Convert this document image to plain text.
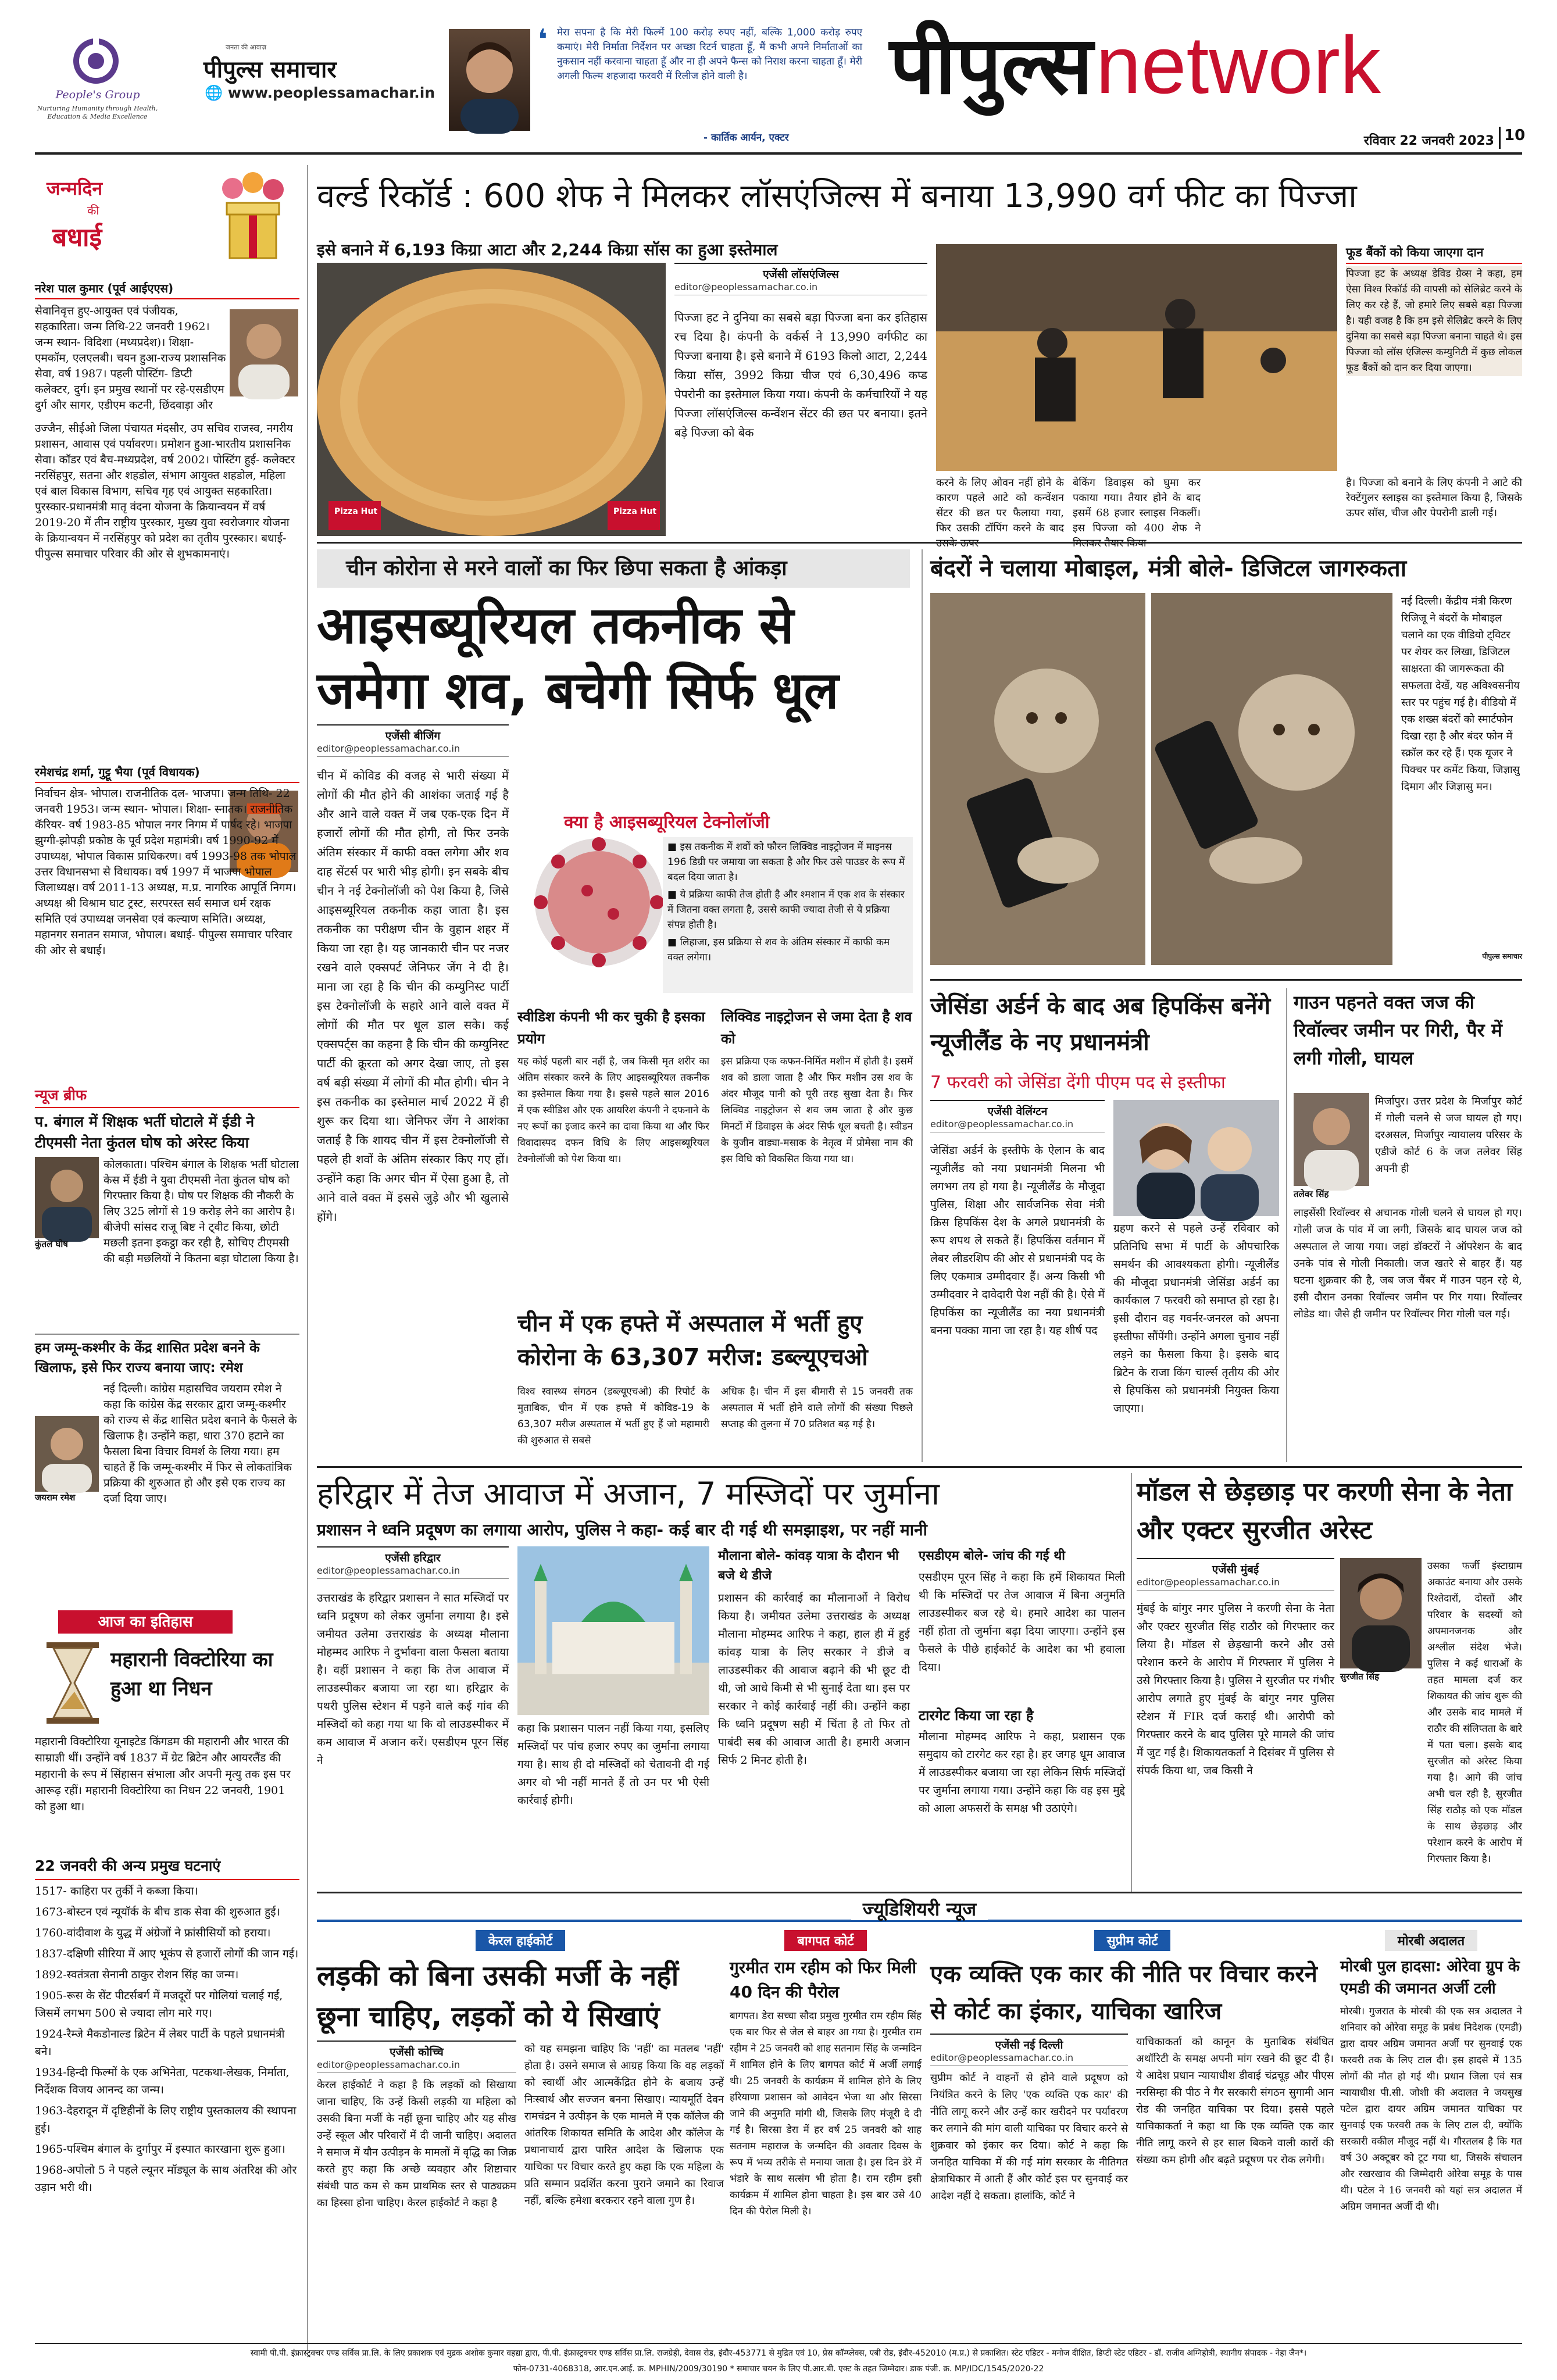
People's Group
Nurturing Humanity through Health, Education & Media Excellence
जनता की आवाज़
पीपुल्स समाचार
🌐 www.peoplessamachar.in
❛ मेरा सपना है कि मेरी फिल्में 100 करोड़ रुपए नहीं, बल्कि 1,000 करोड़ रुपए कमाएं। मेरी निर्माता निर्देशन पर अच्छा रिटर्न चाहता हूँ, मैं कभी अपने निर्माताओं का नुकसान नहीं करवाना चाहता हूँ और ना ही अपने फैन्स को निराश करना चाहता हूँ। मेरी अगली फिल्म शहजादा फरवरी में रिलीज होने वाली है।
- कार्तिक आर्यन, एक्टर
पीपुल्स network
रविवार 22 जनवरी 2023 10
जन्मदिन
की
बधाई
नरेश पाल कुमार (पूर्व आईएएस)
सेवानिवृत्त हुए-आयुक्त एवं पंजीयक, सहकारिता। जन्म तिथि-22 जनवरी 1962। जन्म स्थान- विदिशा (मध्यप्रदेश)। शिक्षा- एमकॉम, एलएलबी। चयन हुआ-राज्य प्रशासनिक सेवा, वर्ष 1987। पहली पोस्टिंग- डिप्टी कलेक्टर, दुर्ग। इन प्रमुख स्थानों पर रहे-एसडीएम दुर्ग और सागर, एडीएम कटनी, छिंदवाड़ा और
उज्जैन, सीईओ जिला पंचायत मंदसौर, उप सचिव राजस्व, नगरीय प्रशासन, आवास एवं पर्यावरण। प्रमोशन हुआ-भारतीय प्रशासनिक सेवा। कॉडर एवं बैच-मध्यप्रदेश, वर्ष 2002। पोस्टिंग हुई- कलेक्टर नरसिंहपुर, सतना और शहडोल, संभाग आयुक्त शहडोल, महिला एवं बाल विकास विभाग, सचिव गृह एवं आयुक्त सहकारिता। पुरस्कार-प्रधानमंत्री मातृ वंदना योजना के क्रियान्वयन में वर्ष 2019-20 में तीन राष्ट्रीय पुरस्कार, मुख्य युवा स्वरोजगार योजना के क्रियान्वयन में नरसिंहपुर को प्रदेश का तृतीय पुरस्कार। बधाई-पीपुल्स समाचार परिवार की ओर से शुभकामनाएं।
रमेशचंद्र शर्मा, गुट्टू भैया (पूर्व विधायक)
निर्वाचन क्षेत्र- भोपाल। राजनीतिक दल- भाजपा। जन्म तिथि- 22 जनवरी 1953। जन्म स्थान- भोपाल। शिक्षा- स्नातक। राजनीतिक कॅरियर- वर्ष 1983-85 भोपाल नगर निगम में पार्षद रहे। भाजपा झुग्गी-झोपड़ी प्रकोष्ठ के पूर्व प्रदेश महामंत्री। वर्ष 1990-92 में उपाध्यक्ष, भोपाल विकास प्राधिकरण। वर्ष 1993-98 तक भोपाल उत्तर विधानसभा से विधायक। वर्ष 1997 में भाजपा भोपाल जिलाध्यक्ष। वर्ष 2011-13 अध्यक्ष, म.प्र. नागरिक आपूर्ति निगम। अध्यक्ष श्री विश्राम घाट ट्रस्ट, सरपरस्त सर्व समाज धर्म रक्षक समिति एवं उपाध्यक्ष जनसेवा एवं कल्याण समिति। अध्यक्ष, महानगर सनातन समाज, भोपाल। बधाई- पीपुल्स समाचार परिवार की ओर से बधाई।
न्यूज ब्रीफ
प. बंगाल में शिक्षक भर्ती घोटाले में ईडी ने टीएमसी नेता कुंतल घोष को अरेस्ट किया
कुंतल घोष
कोलकाता। पश्चिम बंगाल के शिक्षक भर्ती घोटाला केस में ईडी ने युवा टीएमसी नेता कुंतल घोष को गिरफ्तार किया है। घोष पर शिक्षक की नौकरी के लिए 325 लोगों से 19 करोड़ लेने का आरोप है। बीजेपी सांसद राजू बिष्ट ने ट्वीट किया, छोटी मछली इतना इकट्ठा कर रही है, सोचिए टीएमसी की बड़ी मछलियों ने कितना बड़ा घोटाला किया है।
हम जम्मू-कश्मीर के केंद्र शासित प्रदेश बनने के खिलाफ, इसे फिर राज्य बनाया जाए: रमेश
जयराम रमेश
नई दिल्ली। कांग्रेस महासचिव जयराम रमेश ने कहा कि कांग्रेस केंद्र सरकार द्वारा जम्मू-कश्मीर को राज्य से केंद्र शासित प्रदेश बनाने के फैसले के खिलाफ है। उन्होंने कहा, धारा 370 हटाने का फैसला बिना विचार विमर्श के लिया गया। हम चाहते हैं कि जम्मू-कश्मीर में फिर से लोकतांत्रिक प्रक्रिया की शुरुआत हो और इसे एक राज्य का दर्जा दिया जाए।
आज का इतिहास
महारानी विक्टोरिया का हुआ था निधन
महारानी विक्टोरिया यूनाइटेड किंगडम की महारानी और भारत की साम्राज्ञी थीं। उन्होंने वर्ष 1837 में ग्रेट ब्रिटेन और आयरलैंड की महारानी के रूप में सिंहासन संभाला और अपनी मृत्यु तक इस पर आरूढ़ रहीं। महारानी विक्टोरिया का निधन 22 जनवरी, 1901 को हुआ था।
22 जनवरी की अन्य प्रमुख घटनाएं
1517- काहिरा पर तुर्की ने कब्जा किया।
1673-बोस्टन एवं न्यूयॉर्क के बीच डाक सेवा की शुरुआत हुई।
1760-वांदीवाश के युद्ध में अंग्रेजों ने फ्रांसीसियों को हराया।
1837-दक्षिणी सीरिया में आए भूकंप से हजारों लोगों की जान गई।
1892-स्वतंत्रता सेनानी ठाकुर रोशन सिंह का जन्म।
1905-रूस के सेंट पीटर्सबर्ग में मजदूरों पर गोलियां चलाई गईं, जिसमें लगभग 500 से ज्यादा लोग मारे गए।
1924-रैम्जे मैकडोनाल्ड ब्रिटेन में लेबर पार्टी के पहले प्रधानमंत्री बने।
1934-हिन्दी फिल्मों के एक अभिनेता, पटकथा-लेखक, निर्माता, निर्देशक विजय आनन्द का जन्म।
1963-देहरादून में दृष्टिहीनों के लिए राष्ट्रीय पुस्तकालय की स्थापना हुई।
1965-पश्चिम बंगाल के दुर्गापुर में इस्पात कारखाना शुरू हुआ।
1968-अपोलो 5 ने पहले ल्यूनर मॉड्यूल के साथ अंतरिक्ष की ओर उड़ान भरी थी।
वर्ल्ड रिकॉर्ड : 600 शेफ ने मिलकर लॉसएंजिल्स में बनाया 13,990 वर्ग फीट का पिज्जा
इसे बनाने में 6,193 किग्रा आटा और 2,244 किग्रा सॉस का हुआ इस्तेमाल
Pizza Hut	Pizza Hut
एजेंसी लॉसएंजिल्स
editor@peoplessamachar.co.in
पिज्जा हट ने दुनिया का सबसे बड़ा पिज्जा बना कर इतिहास रच दिया है। कंपनी के वर्कर्स ने 13,990 वर्गफीट का पिज्जा बनाया है। इसे बनाने में 6193 किलो आटा, 2,244 किग्रा सॉस, 3992 किग्रा चीज एवं 6,30,496 कप्ड पेपरोनी का इस्तेमाल किया गया। कंपनी के कर्मचारियों ने यह पिज्जा लॉसएंजिल्स कन्वेंशन सेंटर की छत पर बनाया। इतने बड़े पिज्जा को बेक
फूड बैंकों को किया जाएगा दान
पिज्जा हट के अध्यक्ष डेविड ग्रेव्स ने कहा, हम ऐसा विश्व रिकॉर्ड की वापसी को सेलिब्रेट करने के लिए कर रहे हैं, जो हमारे लिए सबसे बड़ा पिज्जा है। यही वजह है कि हम इसे सेलिब्रेट करने के लिए दुनिया का सबसे बड़ा पिज्जा बनाना चाहते थे। इस पिज्जा को लॉस एंजिल्स कम्युनिटी में कुछ लोकल फूड बैंकों को दान कर दिया जाएगा।
करने के लिए ओवन नहीं होने के कारण पहले आटे को कन्वेंशन सेंटर की छत पर फैलाया गया, फिर उसकी टॉपिंग करने के बाद
बेकिंग डिवाइस को घुमा कर पकाया गया। तैयार होने के बाद इसमें 68 हजार स्लाइस निकलीं। इस पिज्जा को 400 शेफ ने
है। पिज्जा को बनाने के लिए कंपनी ने आटे की रेक्टेंगुलर स्लाइस का इस्तेमाल किया है, जिसके ऊपर सॉस, चीज और पेपरोनी डाली गई।
चीन कोरोना से मरने वालों का फिर छिपा सकता है आंकड़ा
आइसब्यूरियल तकनीक से जमेगा शव, बचेगी सिर्फ धूल
एजेंसी बीजिंग
editor@peoplessamachar.co.in
चीन में कोविड की वजह से भारी संख्या में लोगों की मौत होने की आशंका जताई गई है और आने वाले वक्त में जब एक-एक दिन में हजारों लोगों की मौत होगी, तो फिर उनके अंतिम संस्कार में काफी वक्त लगेगा और शव दाह सेंटर्स पर भारी भीड़ होगी। इन सबके बीच चीन ने नई टेक्नोलॉजी को पेश किया है, जिसे आइसब्यूरियल तकनीक कहा जाता है। इस तकनीक का परीक्षण चीन के वुहान शहर में किया जा रहा है। यह जानकारी चीन पर नजर रखने वाले एक्सपर्ट जेनिफर जेंग ने दी है। माना जा रहा है कि चीन की कम्युनिस्ट पार्टी इस टेक्नोलॉजी के सहारे आने वाले वक्त में लोगों की मौत पर धूल डाल सके। कई एक्सपर्ट्स का कहना है कि चीन की कम्युनिस्ट पार्टी की क्रूरता को अगर देखा जाए, तो इस वर्ष बड़ी संख्या में लोगों की मौत होगी। चीन ने इस तकनीक का इस्तेमाल मार्च 2022 में ही शुरू कर दिया था। जेनिफर जेंग ने आशंका जताई है कि शायद चीन में इस टेक्नोलॉजी से पहले ही शवों के अंतिम संस्कार किए गए हों। उन्होंने कहा कि अगर चीन में ऐसा हुआ है, तो आने वाले वक्त में इससे जुड़े और भी खुलासे होंगे।
क्या है आइसब्यूरियल टेक्नोलॉजी
■ इस तकनीक में शवों को फौरन लिक्विड नाइट्रोजन में माइनस 196 डिग्री पर जमाया जा सकता है और फिर उसे पाउडर के रूप में बदल दिया जाता है।
■ ये प्रक्रिया काफी तेज होती है और श्मशान में एक शव के संस्कार में जितना वक्त लगता है, उससे काफी ज्यादा तेजी से ये प्रक्रिया संपन्न होती है।
■ लिहाजा, इस प्रक्रिया से शव के अंतिम संस्कार में काफी कम वक्त लगेगा।
स्वीडिश कंपनी भी कर चुकी है इसका प्रयोग
यह कोई पहली बार नहीं है, जब किसी मृत शरीर का अंतिम संस्कार करने के लिए आइसब्यूरियल तकनीक का इस्तेमाल किया गया है। इससे पहले साल 2016 में एक स्वीडिश और एक आयरिश कंपनी ने दफनाने के नए रूपों का इजाद करने का दावा किया था और फिर विवादास्पद दफन विधि के लिए आइसब्यूरियल टेक्नोलॉजी को पेश किया था।
लिक्विड नाइट्रोजन से जमा देता है शव को
इस प्रक्रिया एक कफन-निर्मित मशीन में होती है। इसमें शव को डाला जाता है और फिर मशीन उस शव के अंदर मौजूद पानी को पूरी तरह सुखा देता है। फिर लिक्विड नाइट्रोजन से शव जम जाता है और कुछ मिनटों में डिवाइस के अंदर सिर्फ धूल बचती है। स्वीडन के युजीन वाड्या-मसाक के नेतृत्व में प्रोमेसा नाम की इस विधि को विकसित किया गया था।
चीन में एक हफ्ते में अस्पताल में भर्ती हुए कोरोना के 63,307 मरीज: डब्ल्यूएचओ
विश्व स्वास्थ्य संगठन (डब्ल्यूएचओ) की रिपोर्ट के मुताबिक, चीन में एक हफ्ते में कोविड-19 के 63,307 मरीज अस्पताल में भर्ती हुए हैं जो महामारी की शुरुआत से सबसे
अधिक है। चीन में इस बीमारी से 15 जनवरी तक अस्पताल में भर्ती होने वाले लोगों की संख्या पिछले सप्ताह की तुलना में 70 प्रतिशत बढ़ गई है।
बंदरों ने चलाया मोबाइल, मंत्री बोले- डिजिटल जागरुकता
नई दिल्ली। केंद्रीय मंत्री किरण रिजिजू ने बंदरों के मोबाइल चलाने का एक वीडियो ट्विटर पर शेयर कर लिखा, डिजिटल साक्षरता की जागरूकता की सफलता देखें, यह अविश्वसनीय स्तर पर पहुंच गई है। वीडियो में एक शख्स बंदरों को स्मार्टफोन दिखा रहा है और बंदर फोन में स्क्रॉल कर रहे हैं। एक यूजर ने पिक्चर पर कमेंट किया, जिज्ञासु दिमाग और जिज्ञासु मन।
पीपुल्स समाचार
जेसिंडा अर्डर्न के बाद अब हिपकिंस बनेंगे न्यूजीलैंड के नए प्रधानमंत्री
7 फरवरी को जेसिंडा देंगी पीएम पद से इस्तीफा
एजेंसी वेलिंग्टन
editor@peoplessamachar.co.in
जेसिंडा अर्डर्न के इस्तीफे के ऐलान के बाद न्यूजीलैंड को नया प्रधानमंत्री मिलना भी लगभग तय हो गया है। न्यूजीलैंड के मौजूदा पुलिस, शिक्षा और सार्वजनिक सेवा मंत्री क्रिस हिपकिंस देश के अगले प्रधानमंत्री के रूप शपथ ले सकते हैं। हिपकिंस वर्तमान में लेबर लीडरशिप की ओर से प्रधानमंत्री पद के लिए एकमात्र उम्मीदवार हैं। अन्य किसी भी उम्मीदवार ने दावेदारी पेश नहीं की है। ऐसे में हिपकिंस का न्यूजीलैंड का नया प्रधानमंत्री बनना पक्का माना जा रहा है। यह शीर्ष पद
ग्रहण करने से पहले उन्हें रविवार को प्रतिनिधि सभा में पार्टी के औपचारिक समर्थन की आवश्यकता होगी। न्यूजीलैंड की मौजूदा प्रधानमंत्री जेसिंडा अर्डर्न का कार्यकाल 7 फरवरी को समाप्त हो रहा है। इसी दौरान वह गवर्नर-जनरल को अपना इस्तीफा सौंपेंगी। उन्होंने अगला चुनाव नहीं लड़ने का फैसला किया है। इसके बाद ब्रिटेन के राजा किंग चार्ल्स तृतीय की ओर से हिपकिंस को प्रधानमंत्री नियुक्त किया जाएगा।
गाउन पहनते वक्त जज की रिवॉल्वर जमीन पर गिरी, पैर में लगी गोली, घायल
तलेवर सिंह
मिर्जापुर। उत्तर प्रदेश के मिर्जापुर कोर्ट में गोली चलने से जज घायल हो गए। दरअसल, मिर्जापुर न्यायालय परिसर के एडीजे कोर्ट 6 के जज तलेवर सिंह अपनी ही
लाइसेंसी रिवॉल्वर से अचानक गोली चलने से घायल हो गए। गोली जज के पांव में जा लगी, जिसके बाद घायल जज को अस्पताल ले जाया गया। जहां डॉक्टरों ने ऑपरेशन के बाद उनके पांव से गोली निकाली। जज खतरे से बाहर हैं। यह घटना शुक्रवार की है, जब जज चैंबर में गाउन पहन रहे थे, इसी दौरान उनका रिवॉल्वर जमीन पर गिर गया। रिवॉल्वर लोडेड था। जैसे ही जमीन पर रिवॉल्वर गिरा गोली चल गई।
हरिद्वार में तेज आवाज में अजान, 7 मस्जिदों पर जुर्माना
प्रशासन ने ध्वनि प्रदूषण का लगाया आरोप, पुलिस ने कहा- कई बार दी गई थी समझाइश, पर नहीं मानी
एजेंसी हरिद्वार
editor@peoplessamachar.co.in
उत्तराखंड के हरिद्वार प्रशासन ने सात मस्जिदों पर ध्वनि प्रदूषण को लेकर जुर्माना लगाया है। इसे जमीयत उलेमा उत्तराखंड के अध्यक्ष मौलाना मोहम्मद आरिफ ने दुर्भावना वाला फैसला बताया है। वहीं प्रशासन ने कहा कि तेज आवाज में लाउडस्पीकर बजाया जा रहा था। हरिद्वार के पथरी पुलिस स्टेशन में पड़ने वाले कई गांव की मस्जिदों को कहा गया था कि वो लाउडस्पीकर में कम आवाज में अजान करें। एसडीएम पूरन सिंह ने
कहा कि प्रशासन पालन नहीं किया गया, इसलिए मस्जिदों पर पांच हजार रुपए का जुर्माना लगाया गया है। साथ ही दो मस्जिदों को चेतावनी दी गई अगर वो भी नहीं मानते हैं तो उन पर भी ऐसी कार्रवाई होगी।
मौलाना बोले- कांवड़ यात्रा के दौरान भी बजे थे डीजे
प्रशासन की कार्रवाई का मौलानाओं ने विरोध किया है। जमीयत उलेमा उत्तराखंड के अध्यक्ष मौलाना मोहम्मद आरिफ ने कहा, हाल ही में हुई कांवड़ यात्रा के लिए सरकार ने डीजे व लाउडस्पीकर की आवाज बढ़ाने की भी छूट दी थी, जो आधे किमी से भी सुनाई देता था। इस पर सरकार ने कोई कार्रवाई नहीं की। उन्होंने कहा कि ध्वनि प्रदूषण सही में चिंता है तो फिर तो पाबंदी सब की आवाज आती है। हमारी अजान सिर्फ 2 मिनट होती है।
एसडीएम बोले- जांच की गई थी
एसडीएम पूरन सिंह ने कहा कि हमें शिकायत मिली थी कि मस्जिदों पर तेज आवाज में बिना अनुमति लाउडस्पीकर बज रहे थे। हमारे आदेश का पालन नहीं होता तो जुर्माना बढ़ा दिया जाएगा। उन्होंने इस फैसले के पीछे हाईकोर्ट के आदेश का भी हवाला दिया।
टारगेट किया जा रहा है
मौलाना मोहम्मद आरिफ ने कहा, प्रशासन एक समुदाय को टारगेट कर रहा है। हर जगह धूम आवाज में लाउडस्पीकर बजाया जा रहा लेकिन सिर्फ मस्जिदों पर जुर्माना लगाया गया। उन्होंने कहा कि वह इस मुद्दे को आला अफसरों के समक्ष भी उठाएंगे।
मॉडल से छेड़छाड़ पर करणी सेना के नेता और एक्टर सुरजीत अरेस्ट
एजेंसी मुंबई
editor@peoplessamachar.co.in
मुंबई के बांगुर नगर पुलिस ने करणी सेना के नेता और एक्टर सुरजीत सिंह राठौर को गिरफ्तार कर लिया है। मॉडल से छेड़खानी करने और उसे परेशान करने के आरोप में गिरफ्तार में पुलिस ने उसे गिरफ्तार किया है। पुलिस ने सुरजीत पर गंभीर आरोप लगाते हुए मुंबई के बांगुर नगर पुलिस स्टेशन में FIR दर्ज कराई थी। आरोपी को गिरफ्तार करने के बाद पुलिस पूरे मामले की जांच में जुट गई है। शिकायतकर्ता ने दिसंबर में पुलिस से संपर्क किया था, जब किसी ने
सुरजीत सिंह
उसका फर्जी इंस्टाग्राम अकाउंट बनाया और उसके रिश्तेदारों, दोस्तों और परिवार के सदस्यों को अपमानजनक और अश्लील संदेश भेजे। पुलिस ने कई धाराओं के तहत मामला दर्ज कर शिकायत की जांच शुरू की और उसके बाद मामले में राठौर की संलिप्तता के बारे में पता चला। इसके बाद सुरजीत को अरेस्ट किया गया है। आगे की जांच अभी चल रही है, सुरजीत सिंह राठौड़ को एक मॉडल के साथ छेड़छाड़ और परेशान करने के आरोप में गिरफ्तार किया है।
ज्यूडिशियरी न्यूज
केरल हाईकोर्ट
लड़की को बिना उसकी मर्जी के नहीं छूना चाहिए, लड़कों को ये सिखाएं
एजेंसी कोच्चि
editor@peoplessamachar.co.in
केरल हाईकोर्ट ने कहा है कि लड़कों को सिखाया जाना चाहिए, कि उन्हें किसी लड़की या महिला को उसकी बिना मर्जी के नहीं छूना चाहिए और यह सीख उन्हें स्कूल और परिवारों में दी जानी चाहिए। अदालत ने समाज में यौन उत्पीड़न के मामलों में वृद्धि का जिक्र करते हुए कहा कि अच्छे व्यवहार और शिष्टाचार संबंधी पाठ कम से कम प्राथमिक स्तर से पाठ्यक्रम का हिस्सा होना चाहिए। केरल हाईकोर्ट ने कहा है
को यह समझना चाहिए कि 'नहीं' का मतलब 'नहीं' होता है। उसने समाज से आग्रह किया कि वह लड़कों को स्वार्थी और आत्मकेंद्रित होने के बजाय उन्हें निःस्वार्थ और सज्जन बनना सिखाए। न्यायमूर्ति देवन रामचंद्रन ने उत्पीड़न के एक मामले में एक कॉलेज की आंतरिक शिकायत समिति के आदेश और कॉलेज के प्रधानाचार्य द्वारा पारित आदेश के खिलाफ एक याचिका पर विचार करते हुए कहा कि एक महिला के प्रति सम्मान प्रदर्शित करना पुराने जमाने का रिवाज नहीं, बल्कि हमेशा बरकरार रहने वाला गुण है।
बागपत कोर्ट
गुरमीत राम रहीम को फिर मिली 40 दिन की पैरोल
बागपत। डेरा सच्चा सौदा प्रमुख गुरमीत राम रहीम सिंह एक बार फिर से जेल से बाहर आ गया है। गुरमीत राम रहीम ने 25 जनवरी को शाह सतनाम सिंह के जन्मदिन में शामिल होने के लिए बागपत कोर्ट में अर्जी लगाई थी। 25 जनवरी के कार्यक्रम में शामिल होने के लिए हरियाणा प्रशासन को आवेदन भेजा था और सिरसा जाने की अनुमति मांगी थी, जिसके लिए मंजूरी दे दी गई है। सिरसा डेरा में हर वर्ष 25 जनवरी को शाह सतनाम महाराज के जन्मदिन की अवतार दिवस के रूप में भव्य तरीके से मनाया जाता है। इस दिन डेरे में भंडारे के साथ सत्संग भी होता है। राम रहीम इसी कार्यक्रम में शामिल होना चाहता है। इस बार उसे 40 दिन की पैरोल मिली है।
सुप्रीम कोर्ट
एक व्यक्ति एक कार की नीति पर विचार करने से कोर्ट का इंकार, याचिका खारिज
एजेंसी नई दिल्ली
editor@peoplessamachar.co.in
सुप्रीम कोर्ट ने वाहनों से होने वाले प्रदूषण को नियंत्रित करने के लिए 'एक व्यक्ति एक कार' की नीति लागू करने और उन्हें कार खरीदने पर पर्यावरण कर लगाने की मांग वाली याचिका पर विचार करने से शुक्रवार को इंकार कर दिया। कोर्ट ने कहा कि जनहित याचिका में की गई मांग सरकार के नीतिगत क्षेत्राधिकार में आती हैं और कोर्ट इस पर सुनवाई कर आदेश नहीं दे सकता। हालांकि, कोर्ट ने
याचिकाकर्ता को कानून के मुताबिक संबंधित अथॉरिटी के समक्ष अपनी मांग रखने की छूट दी है। ये आदेश प्रधान न्यायाधीश डीवाई चंद्रचूड़ और पीएस नरसिम्हा की पीठ ने गैर सरकारी संगठन सुगामी आन रोड की जनहित याचिका पर दिया। इससे पहले याचिकाकर्ता ने कहा था कि एक व्यक्ति एक कार नीति लागू करने से हर साल बिकने वाली कारों की संख्या कम होगी और बढ़ते प्रदूषण पर रोक लगेगी।
मोरबी अदालत
मोरबी पुल हादसा: ओरेवा ग्रुप के एमडी की जमानत अर्जी टली
मोरबी। गुजरात के मोरबी की एक सत्र अदालत ने शनिवार को ओरेवा समूह के प्रबंध निदेशक (एमडी) द्वारा दायर अग्रिम जमानत अर्जी पर सुनवाई एक फरवरी तक के लिए टाल दी। इस हादसे में 135 लोगों की मौत हो गई थी। प्रधान जिला एवं सत्र न्यायाधीश पी.सी. जोशी की अदालत ने जयसुख पटेल द्वारा दायर अग्रिम जमानत याचिका पर सुनवाई एक फरवरी तक के लिए टाल दी, क्योंकि सरकारी वकील मौजूद नहीं थे। गौरतलब है कि गत वर्ष 30 अक्टूबर को टूट गया था, जिसके संचालन और रखरखाव की जिम्मेदारी ओरेवा समूह के पास थी। पटेल ने 16 जनवरी को यहां सत्र अदालत में अग्रिम जमानत अर्जी दी थी।
स्वामी पी.पी. इंफ्रास्ट्रक्चर एण्ड सर्विस प्रा.लि. के लिए प्रकाशक एवं मुद्रक अशोक कुमार वहद्या द्वारा, पी.पी. इंफ्रास्ट्रक्चर एण्ड सर्विस प्रा.लि. राजग्रेही, देवास रोड, इंदौर-453771 से मुद्रित एवं 10, प्रेस कॉम्प्लेक्स, एबी रोड, इंदौर-452010 (म.प्र.) से प्रकाशित। स्टेट एडिटर - मनोज दीक्षित, डिप्टी स्टेट एडिटर - डॉ. राजीव अग्निहोत्री, स्थानीय संपादक - नेहा जैन*।
फोन-0731-4068318, आर.एन.आई. क्र. MPHIN/2009/30190 * समाचार चयन के लिए पी.आर.बी. एक्ट के तहत जिम्मेदार। डाक पंजी. क्र. MP/IDC/1545/2020-22
